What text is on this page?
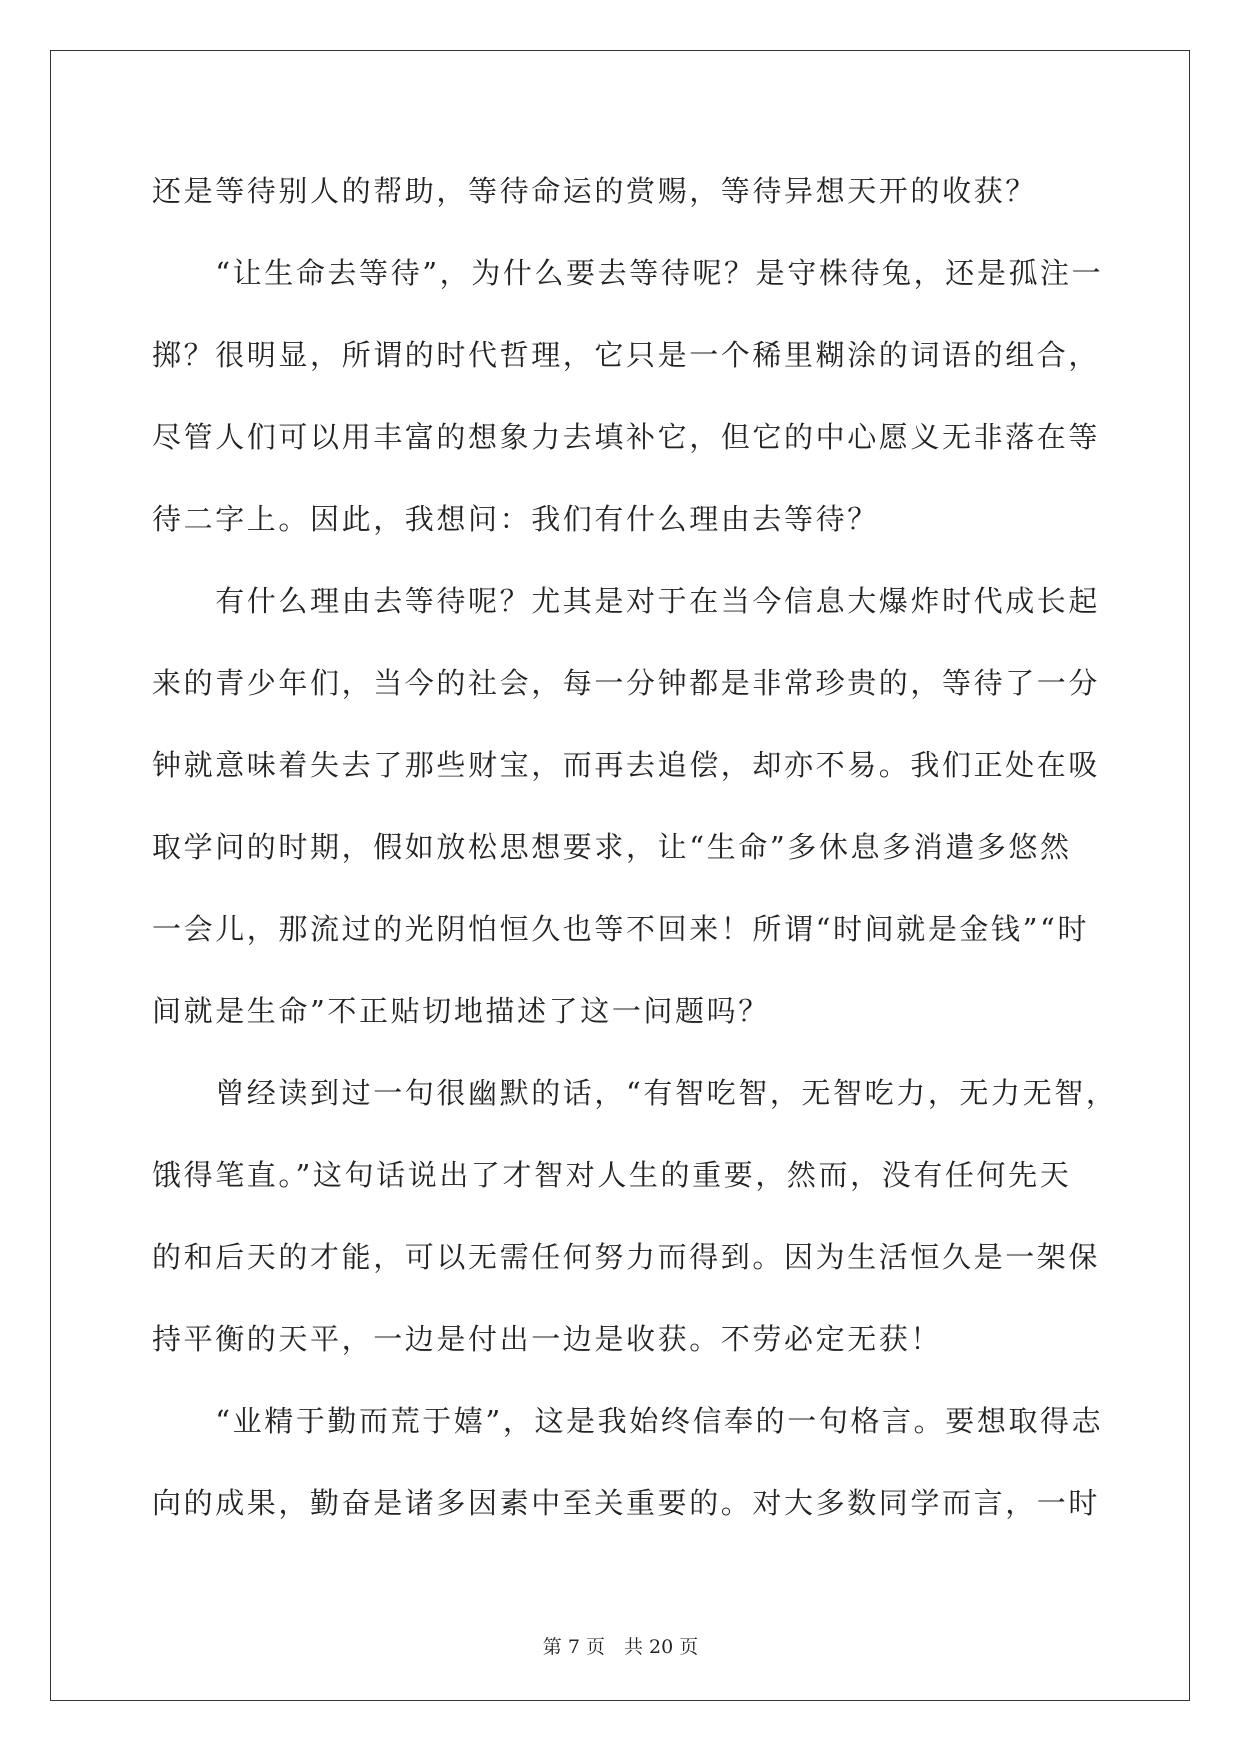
还是等待别人的帮助，等待命运的赏赐，等待异想天开的收获？
　　“让生命去等待”，为什么要去等待呢？是守株待兔，还是孤注一
掷？很明显，所谓的时代哲理，它只是一个稀里糊涂的词语的组合，
尽管人们可以用丰富的想象力去填补它，但它的中心愿义无非落在等
待二字上。因此，我想问：我们有什么理由去等待？
　　有什么理由去等待呢？尤其是对于在当今信息大爆炸时代成长起
来的青少年们，当今的社会，每一分钟都是非常珍贵的，等待了一分
钟就意味着失去了那些财宝，而再去追偿，却亦不易。我们正处在吸
取学问的时期，假如放松思想要求，让“生命”多休息多消遣多悠然
一会儿，那流过的光阴怕恒久也等不回来！所谓“时间就是金钱”“时
间就是生命”不正贴切地描述了这一问题吗？
　　曾经读到过一句很幽默的话，“有智吃智，无智吃力，无力无智，
饿得笔直。”这句话说出了才智对人生的重要，然而，没有任何先天
的和后天的才能，可以无需任何努力而得到。因为生活恒久是一架保
持平衡的天平，一边是付出一边是收获。不劳必定无获！
　　“业精于勤而荒于嬉”，这是我始终信奉的一句格言。要想取得志
向的成果，勤奋是诸多因素中至关重要的。对大多数同学而言，一时
第 7 页　共 20 页
